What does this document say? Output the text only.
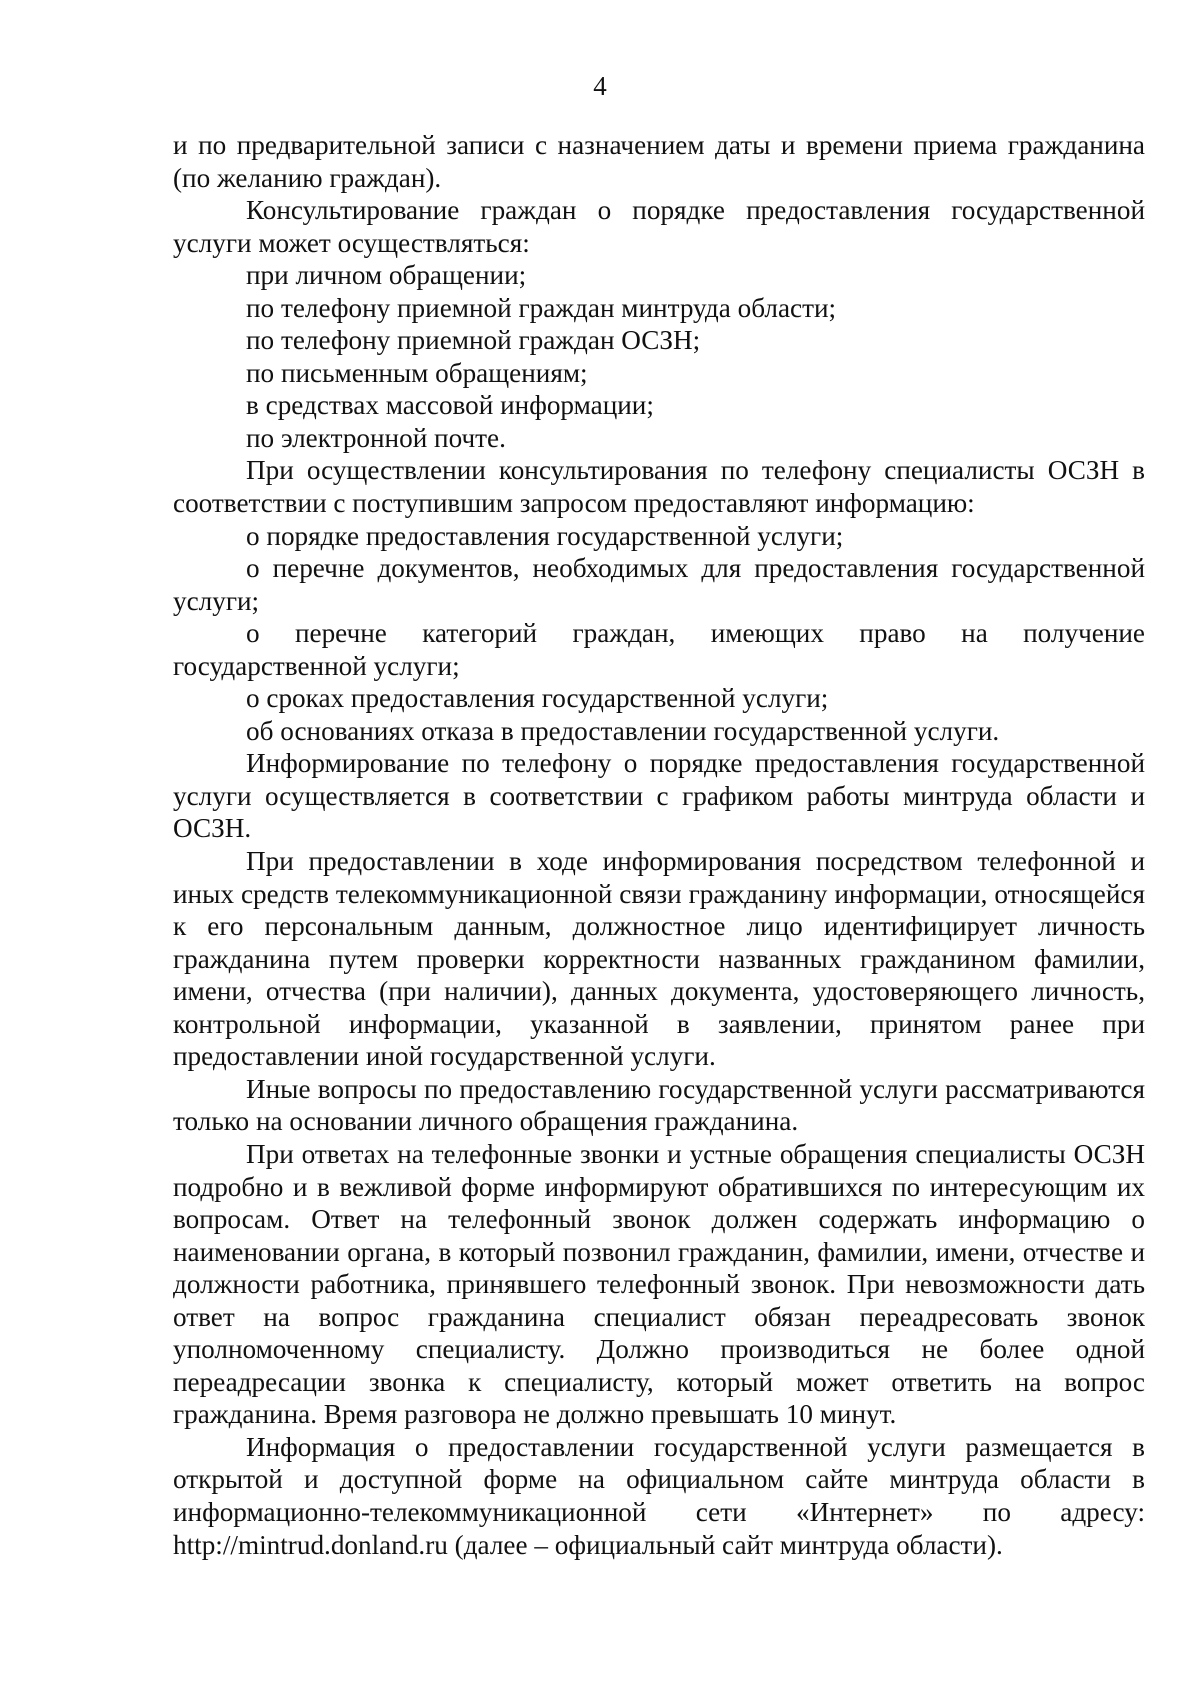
4

и по предварительной записи с назначением даты и времени приема гражданина (по желанию граждан).

Консультирование граждан о порядке предоставления государственной услуги может осуществляться:

при личном обращении;

по телефону приемной граждан минтруда области;

по телефону приемной граждан ОСЗН;

по письменным обращениям;

в средствах массовой информации;

по электронной почте.

При осуществлении консультирования по телефону специалисты ОСЗН в соответствии с поступившим запросом предоставляют информацию:

о порядке предоставления государственной услуги;

о перечне документов, необходимых для предоставления государственной услуги;

о перечне категорий граждан, имеющих право на получение государственной услуги;

о сроках предоставления государственной услуги;

об основаниях отказа в предоставлении государственной услуги.

Информирование по телефону о порядке предоставления государственной услуги осуществляется в соответствии с графиком работы минтруда области и ОСЗН.

При предоставлении в ходе информирования посредством телефонной и иных средств телекоммуникационной связи гражданину информации, относящейся к его персональным данным, должностное лицо идентифицирует личность гражданина путем проверки корректности названных гражданином фамилии, имени, отчества (при наличии), данных документа, удостоверяющего личность, контрольной информации, указанной в заявлении, принятом ранее при предоставлении иной государственной услуги.

Иные вопросы по предоставлению государственной услуги рассматриваются только на основании личного обращения гражданина.

При ответах на телефонные звонки и устные обращения специалисты ОСЗН подробно и в вежливой форме информируют обратившихся по интересующим их вопросам. Ответ на телефонный звонок должен содержать информацию о наименовании органа, в который позвонил гражданин, фамилии, имени, отчестве и должности работника, принявшего телефонный звонок. При невозможности дать ответ на вопрос гражданина специалист обязан переадресовать звонок уполномоченному специалисту. Должно производиться не более одной переадресации звонка к специалисту, который может ответить на вопрос гражданина. Время разговора не должно превышать 10 минут.

Информация о предоставлении государственной услуги размещается в открытой и доступной форме на официальном сайте минтруда области в информационно-телекоммуникационной сети «Интернет» по адресу: http://mintrud.donland.ru (далее – официальный сайт минтруда области).
